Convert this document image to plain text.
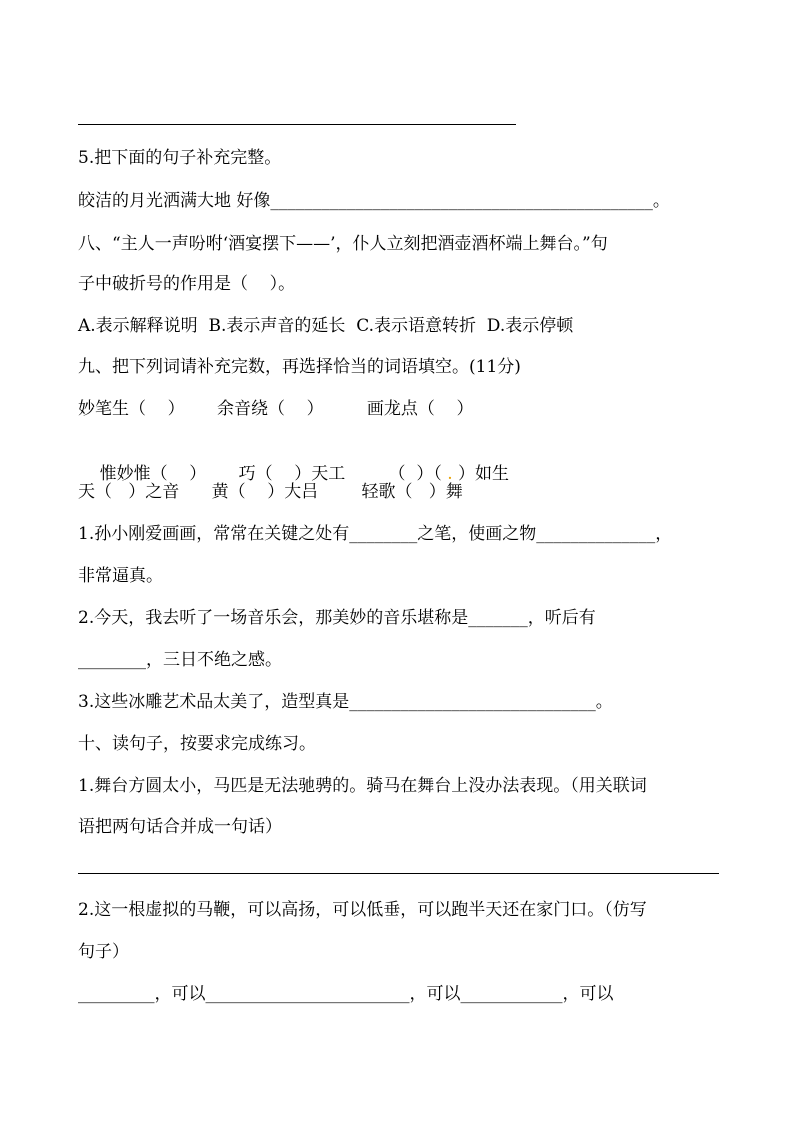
5.把下面的句子补充完整。
皎洁的月光洒满大地 好像_____________________________________________。
八、“主人一声吩咐‘酒宴摆下——’，仆人立刻把酒壶酒杯端上舞台。”句
子中破折号的作用是（    ）。
A.表示解释说明  B.表示声音的延长  C.表示语意转折  D.表示停顿
九、把下列词请补充完数，再选择恰当的词语填空。(11分)
妙笔生（    ）      余音绕（    ）        画龙点（    ）

惟妙惟（    ）      巧（    ）天工        （  ）（ . ）如生

天（   ）之音      黄（    ）大吕        轻歌（   ）舞
1.孙小刚爱画画，常常在关键之处有________之笔，使画之物______________，
非常逼真。
2.今天，我去听了一场音乐会，那美妙的音乐堪称是_______，听后有
________，三日不绝之感。
3.这些冰雕艺术品太美了，造型真是_____________________________。
十、读句子，按要求完成练习。
1.舞台方圆太小，马匹是无法驰骋的。骑马在舞台上没办法表现。（用关联词
语把两句话合并成一句话）
2.这一根虚拟的马鞭，可以高扬，可以低垂，可以跑半天还在家门口。（仿写
句子）
_________，可以________________________，可以____________，可以
